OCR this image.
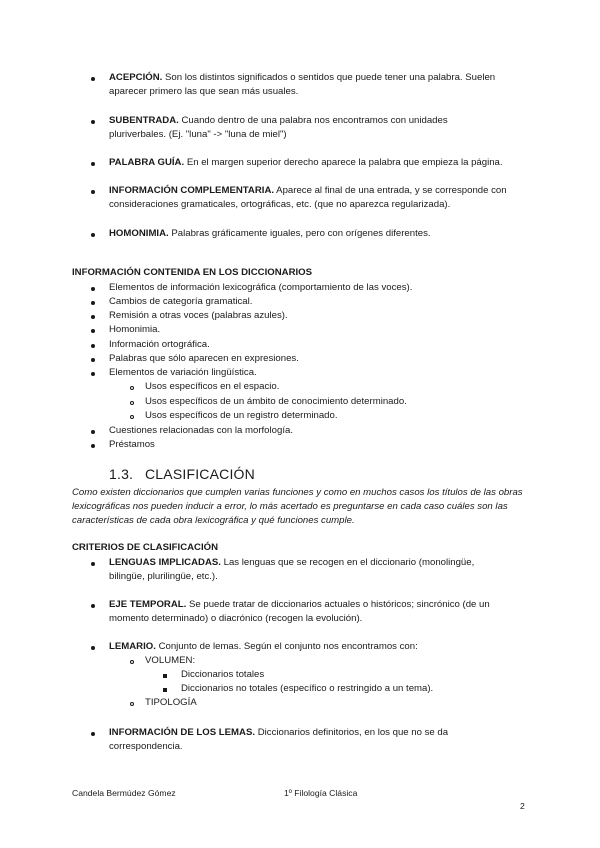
ACEPCIÓN. Son los distintos significados o sentidos que puede tener una palabra. Suelen
aparecer primero las que sean más usuales.
SUBENTRADA. Cuando dentro de una palabra nos encontramos con unidades
pluriverbales. (Ej. "luna" -> "luna de miel")
PALABRA GUÍA. En el margen superior derecho aparece la palabra que empieza la página.
INFORMACIÓN COMPLEMENTARIA. Aparece al final de una entrada, y se corresponde con
consideraciones gramaticales, ortográficas, etc. (que no aparezca regularizada).
HOMONIMIA. Palabras gráficamente iguales, pero con orígenes diferentes.
INFORMACIÓN CONTENIDA EN LOS DICCIONARIOS
Elementos de información lexicográfica (comportamiento de las voces).
Cambios de categoría gramatical.
Remisión a otras voces (palabras azules).
Homonimia.
Información ortográfica.
Palabras que sólo aparecen en expresiones.
Elementos de variación lingüística.
Usos específicos en el espacio.
Usos específicos de un ámbito de conocimiento determinado.
Usos específicos de un registro determinado.
Cuestiones relacionadas con la morfología.
Préstamos
1.3. CLASIFICACIÓN
Como existen diccionarios que cumplen varias funciones y como en muchos casos los títulos de las obras lexicográficas nos pueden inducir a error, lo más acertado es preguntarse en cada caso cuáles son las características de cada obra lexicográfica y qué funciones cumple.
CRITERIOS DE CLASIFICACIÓN
LENGUAS IMPLICADAS. Las lenguas que se recogen en el diccionario (monolingüe,
bilingüe, plurilingüe, etc.).
EJE TEMPORAL. Se puede tratar de diccionarios actuales o históricos; sincrónico (de un
momento determinado) o diacrónico (recogen la evolución).
LEMARIO. Conjunto de lemas. Según el conjunto nos encontramos con:
VOLUMEN:
Diccionarios totales
Diccionarios no totales (específico o restringido a un tema).
TIPOLOGÍA
INFORMACIÓN DE LOS LEMAS. Diccionarios definitorios, en los que no se da
correspondencia.
Candela Bermúdez Gómez	1º Filología Clásica
2
